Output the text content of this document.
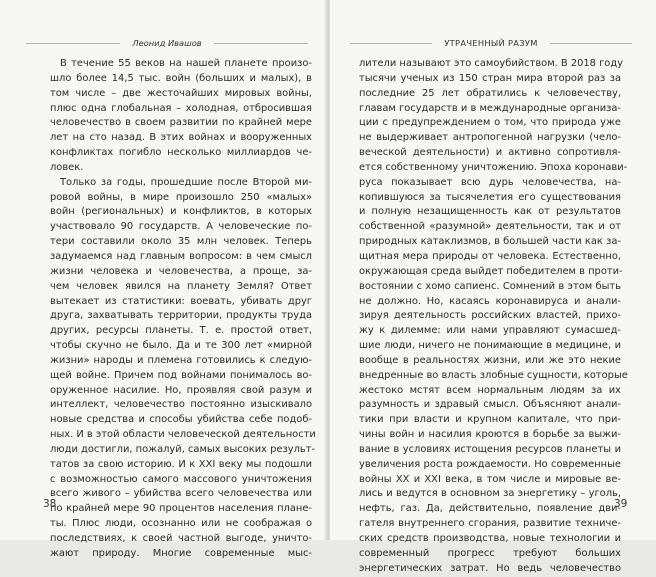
Леонид Ивашов
В течение 55 веков на нашей планете произо-
шло более 14,5 тыс. войн (больших и малых), в
том числе – две жесточайших мировых войны,
плюс одна глобальная – холодная, отбросившая
человечество в своем развитии по крайней мере
лет на сто назад. В этих войнах и вооруженных
конфликтах погибло несколько миллиардов че-
ловек.
Только за годы, прошедшие после Второй ми-
ровой войны, в мире произошло 250 «малых»
войн (региональных) и конфликтов, в которых
участвовало 90 государств. А человеческие по-
тери составили около 35 млн человек. Теперь
задумаемся над главным вопросом: в чем смысл
жизни человека и человечества, а проще, за-
чем человек явился на планету Земля? Ответ
вытекает из статистики: воевать, убивать друг
друга, захватывать территории, продукты труда
других, ресурсы планеты. Т. е. простой ответ,
чтобы скучно не было. Да и те 300 лет «мирной
жизни» народы и племена готовились к следую-
щей войне. Причем под войнами понималось во-
оруженное насилие. Но, проявляя свой разум и
интеллект, человечество постоянно изыскивало
новые средства и способы убийства себе подоб-
ных. И в этой области человеческой деятельности
люди достигли, пожалуй, самых высоких результ-
татов за свою историю. И к XXI веку мы подошли
с возможностью самого массового уничтожения
всего живого – убийства всего человечества или
по крайней мере 90 процентов населения плане-
ты. Плюс люди, осознанно или не соображая о
последствиях, к своей частной выгоде, уничто-
жают природу. Многие современные мыс-
38
УТРАЧЕННЫЙ РАЗУМ
лители называют это самоубийством. В 2018 году
тысячи ученых из 150 стран мира второй раз за
последние 25 лет обратились к человечеству,
главам государств и в международные организа-
ции с предупреждением о том, что природа уже
не выдерживает антропогенной нагрузки (чело-
веческой деятельности) и активно сопротивля-
ется собственному уничтожению. Эпоха коронави-
руса показывает всю дурь человечества, на-
копившуюся за тысячелетия его существования
и полную незащищенность как от результатов
собственной «разумной» деятельности, так и от
природных катаклизмов, в большей части как за-
щитная мера природы от человека. Естественно,
окружающая среда выйдет победителем в проти-
востоянии с хомо сапиенс. Сомнений в этом быть
не должно. Но, касаясь коронавируса и анали-
зируя деятельность российских властей, прихо-
жу к дилемме: или нами управляют сумасшед-
шие люди, ничего не понимающие в медицине, и
вообще в реальностях жизни, или же это некие
внедренные во власть злобные сущности, которые
жестоко мстят всем нормальным людям за их
разумность и здравый смысл. Объясняют анали-
тики при власти и крупном капитале, что при-
чины войн и насилия кроются в борьбе за выжи-
вание в условиях истощения ресурсов планеты и
увеличения роста рождаемости. Но современные
войны XX и XXI века, в том числе и мировые ве-
лись и ведутся в основном за энергетику – уголь,
нефть, газ. Да, действительно, появление дви-
гателя внутреннего сгорания, развитие техниче-
ских средств производства, новые технологии и
современный прогресс требуют больших
энергетических затрат. Но ведь человечество
39
